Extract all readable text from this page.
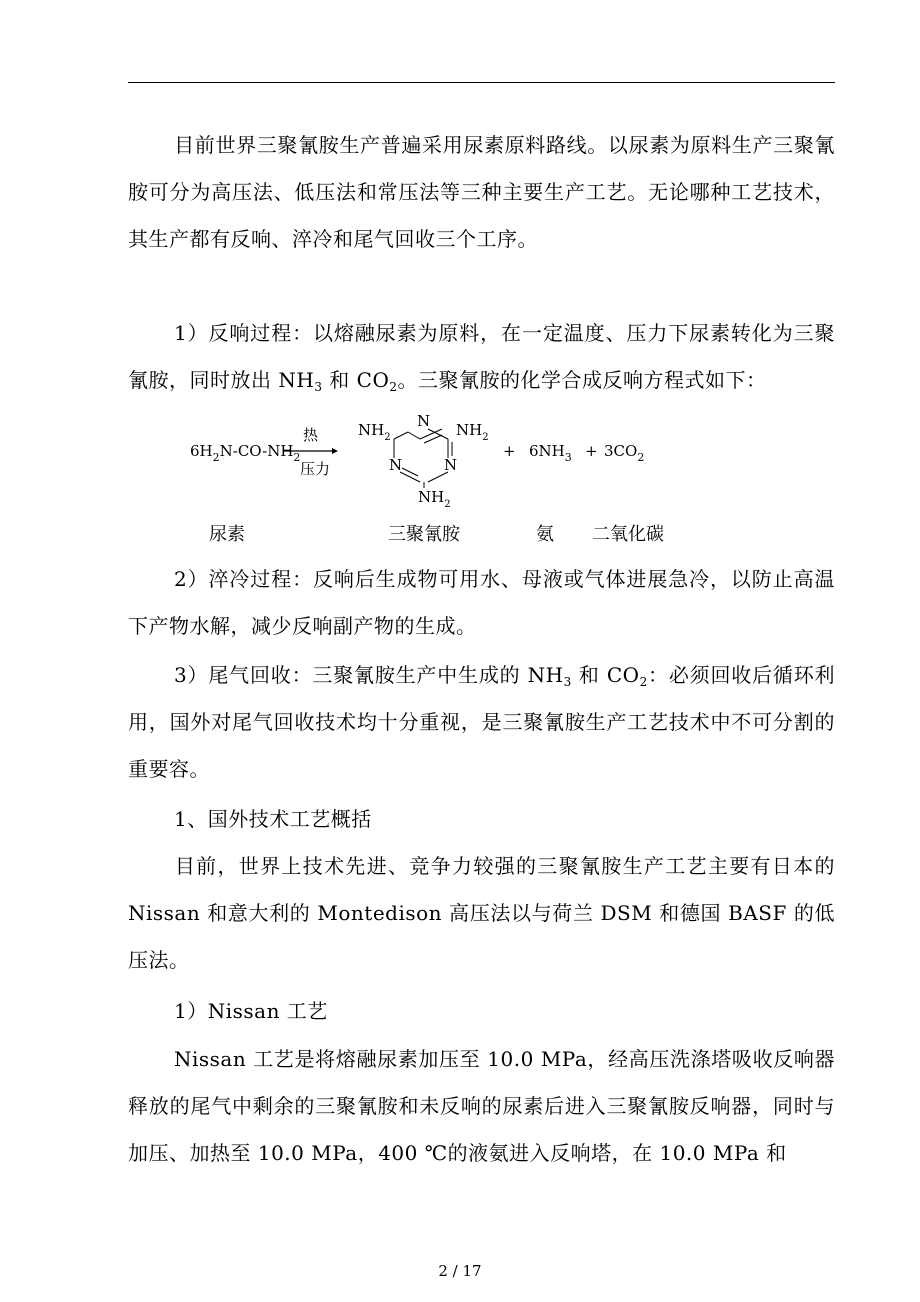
目前世界三聚氰胺生产普遍采用尿素原料路线。以尿素为原料生产三聚氰胺可分为高压法、低压法和常压法等三种主要生产工艺。无论哪种工艺技术，其生产都有反响、淬冷和尾气回收三个工序。

1）反响过程：以熔融尿素为原料，在一定温度、压力下尿素转化为三聚氰胺，同时放出 $NH_3$ 和 $CO_2$。三聚氰胺的化学合成反响方程式如下：

$6H_2N-CO-NH_2$
热
压力
N
N	N
$NH_2$	$NH_2$
$NH_2$
+ $6NH_3 + 3CO_2$
尿素	三聚氰胺	氨 二氧化碳

2）淬冷过程：反响后生成物可用水、母液或气体进展急冷，以防止高温下产物水解，减少反响副产物的生成。

3）尾气回收：三聚氰胺生产中生成的 $NH_3$ 和 $CO_2$：必须回收后循环利用，国外对尾气回收技术均十分重视，是三聚氰胺生产工艺技术中不可分割的重要容。

1、国外技术工艺概括

目前，世界上技术先进、竞争力较强的三聚氰胺生产工艺主要有日本的 Nissan 和意大利的 Montedison 高压法以与荷兰 DSM 和德国 BASF 的低压法。

1）Nissan 工艺

Nissan 工艺是将熔融尿素加压至 10.0 MPa，经高压洗涤塔吸收反响器释放的尾气中剩余的三聚氰胺和未反响的尿素后进入三聚氰胺反响器，同时与加压、加热至 10.0 MPa，400 ℃的液氨进入反响塔，在 10.0 MPa 和

2 / 17
